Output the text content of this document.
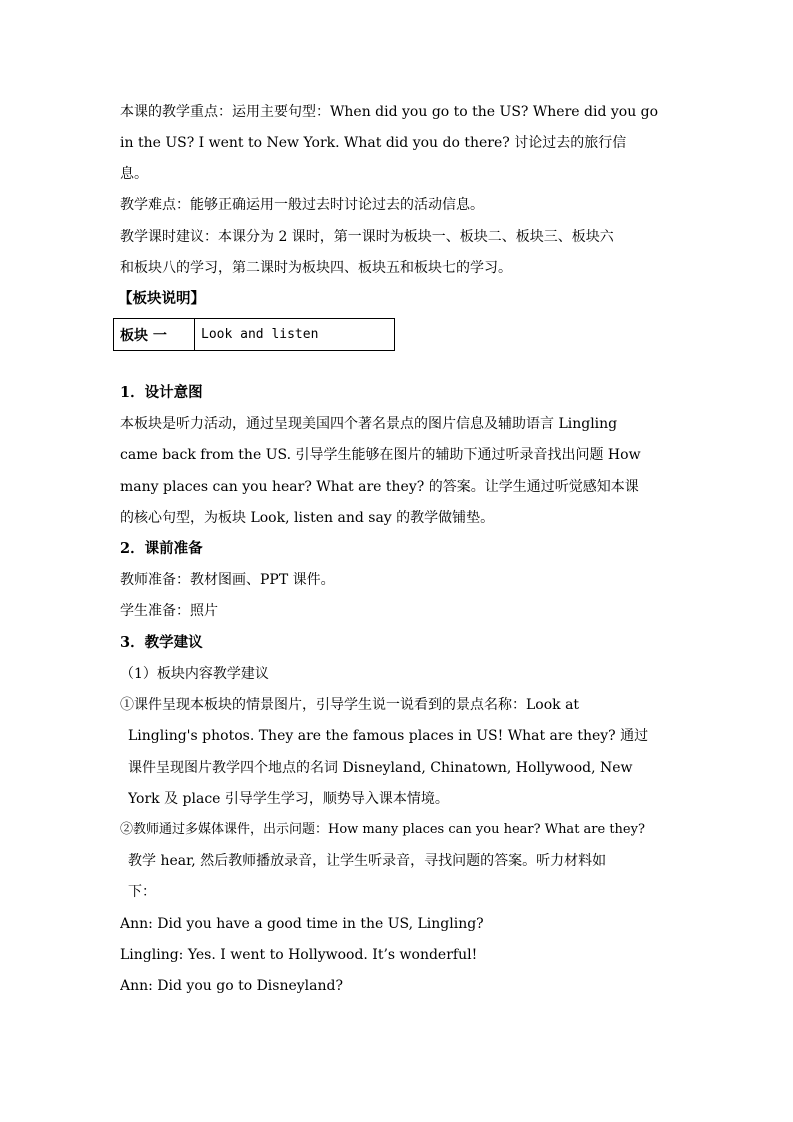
本课的教学重点：运用主要句型：When did you go to the US? Where did you go
in the US? I went to New York. What did you do there? 讨论过去的旅行信
息。
教学难点：能够正确运用一般过去时讨论过去的活动信息。
教学课时建议：本课分为 2 课时，第一课时为板块一、板块二、板块三、板块六
和板块八的学习，第二课时为板块四、板块五和板块七的学习。
【板块说明】
板块 一	Look and listen
1．设计意图
本板块是听力活动，通过呈现美国四个著名景点的图片信息及辅助语言 Lingling
came back from the US. 引导学生能够在图片的辅助下通过听录音找出问题 How
many places can you hear? What are they? 的答案。让学生通过听觉感知本课
的核心句型，为板块 Look, listen and say 的教学做铺垫。
2．课前准备
教师准备：教材图画、PPT 课件。
学生准备：照片
3．教学建议
（1）板块内容教学建议
①课件呈现本板块的情景图片，引导学生说一说看到的景点名称：Look at
Lingling's photos. They are the famous places in US! What are they? 通过
课件呈现图片教学四个地点的名词 Disneyland, Chinatown, Hollywood, New
York 及 place 引导学生学习，顺势导入课本情境。
②教师通过多媒体课件，出示问题：How many places can you hear? What are they?
教学 hear, 然后教师播放录音，让学生听录音，寻找问题的答案。听力材料如
下：
Ann: Did you have a good time in the US, Lingling?
Lingling: Yes. I went to Hollywood. It’s wonderful!
Ann: Did you go to Disneyland?
